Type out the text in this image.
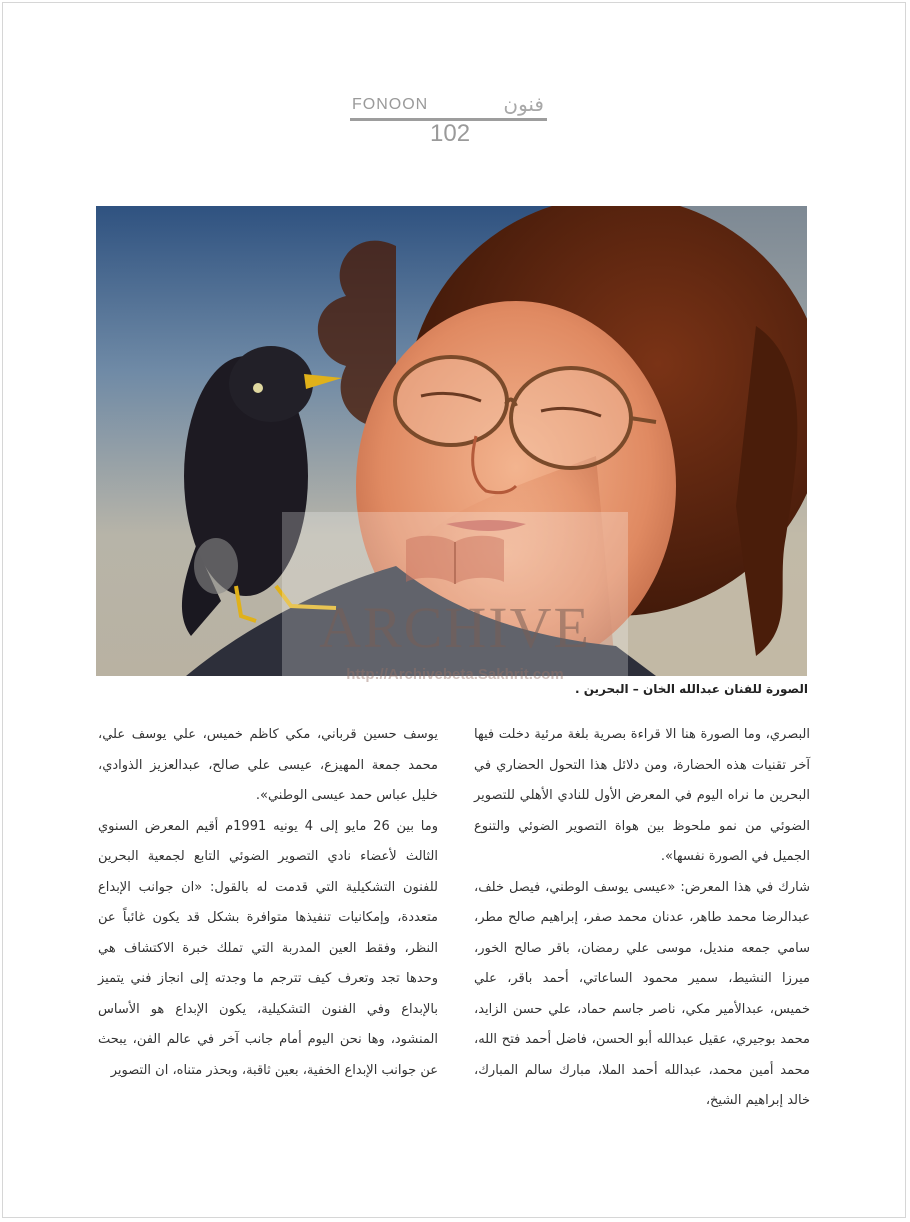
FONOON	فنون
102
ARCHIVE
http://Archivebeta.Sakhrit.com
الصورة للفنان عبدالله الخان – البحرين .

البصري، وما الصورة هنا الا قراءة بصرية بلغة مرئية دخلت فيها آخر تقنيات هذه الحضارة، ومن دلائل هذا التحول الحضاري في البحرين ما نراه اليوم في المعرض الأول للنادي الأهلي للتصوير الضوئي من نمو ملحوظ بين هواة التصوير الضوئي والتنوع الجميل في الصورة نفسها».

شارك في هذا المعرض: «عيسى يوسف الوطني، فيصل خلف، عبدالرضا محمد طاهر، عدنان محمد صفر، إبراهيم صالح مطر، سامي جمعه منديل، موسى علي رمضان، باقر صالح الخور، ميرزا النشيط، سمير محمود الساعاتي، أحمد باقر، علي خميس، عبدالأمير مكي، ناصر جاسم حماد، علي حسن الزايد، محمد بوجيري، عقيل عبدالله أبو الحسن، فاضل أحمد فتح الله، محمد أمين محمد، عبدالله أحمد الملا، مبارك سالم المبارك، خالد إبراهيم الشيخ،

يوسف حسين قرباني، مكي كاظم خميس، علي يوسف علي، محمد جمعة المهيزع، عيسى علي صالح، عبدالعزيز الذوادي، خليل عباس حمد عيسى الوطني».

وما بين 26 مايو إلى 4 يونيه 1991م أقيم المعرض السنوي الثالث لأعضاء نادي التصوير الضوئي التابع لجمعية البحرين للفنون التشكيلية التي قدمت له بالقول: «ان جوانب الإبداع متعددة، وإمكانيات تنفيذها متوافرة بشكل قد يكون غائباً عن النظر، وفقط العين المدربة التي تملك خبرة الاكتشاف هي وحدها تجد وتعرف كيف تترجم ما وجدته إلى انجاز فني يتميز بالإبداع وفي الفنون التشكيلية، يكون الإبداع هو الأساس المنشود، وها نحن اليوم أمام جانب آخر في عالم الفن، يبحث عن جوانب الإبداع الخفية، بعين ثاقبة، وبحذر متناه، ان التصوير
